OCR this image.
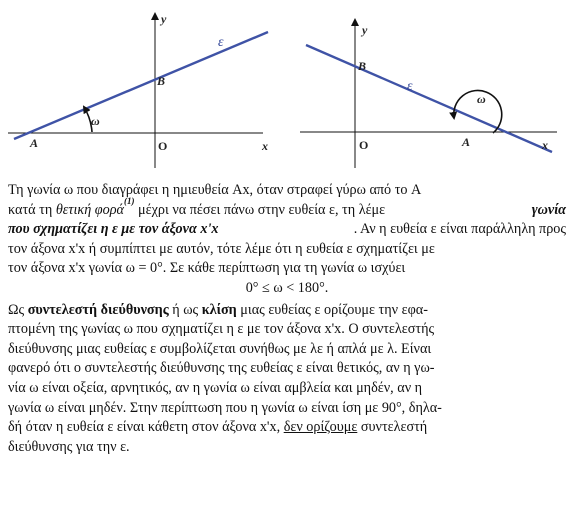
y
x
O
A
B
ε
ω
y
x
O	A
B
ε
ω
Τη γωνία ω που διαγράφει η ημιευθεία Ax, όταν στραφεί γύρω από το A
κατά τη θετική φορά
(1)
μέχρι να πέσει πάνω στην ευθεία ε, τη λέμε	γωνία
που σχηματίζει η ε με τον άξονα x'x	. Αν η ευθεία ε είναι παράλληλη προς
τον άξονα x'x ή συμπίπτει με αυτόν, τότε λέμε ότι η ευθεία ε σχηματίζει με
τον άξονα x'x γωνία ω = 0°. Σε κάθε περίπτωση για τη γωνία ω ισχύει
0° ≤ ω < 180°.
Ως συντελεστή διεύθυνσης ή ως κλίση μιας ευθείας ε ορίζουμε την εφα-
πτομένη της γωνίας ω που σχηματίζει η ε με τον άξονα x'x. Ο συντελεστής
διεύθυνσης μιας ευθείας ε συμβολίζεται συνήθως με λε ή απλά με λ. Είναι
φανερό ότι ο συντελεστής διεύθυνσης της ευθείας ε είναι θετικός, αν η γω-
νία ω είναι οξεία, αρνητικός, αν η γωνία ω είναι αμβλεία και μηδέν, αν η
γωνία ω είναι μηδέν. Στην περίπτωση που η γωνία ω είναι ίση με 90°, δηλα-
δή όταν η ευθεία ε είναι κάθετη στον άξονα x'x, δεν ορίζουμε συντελεστή
διεύθυνσης για την ε.
